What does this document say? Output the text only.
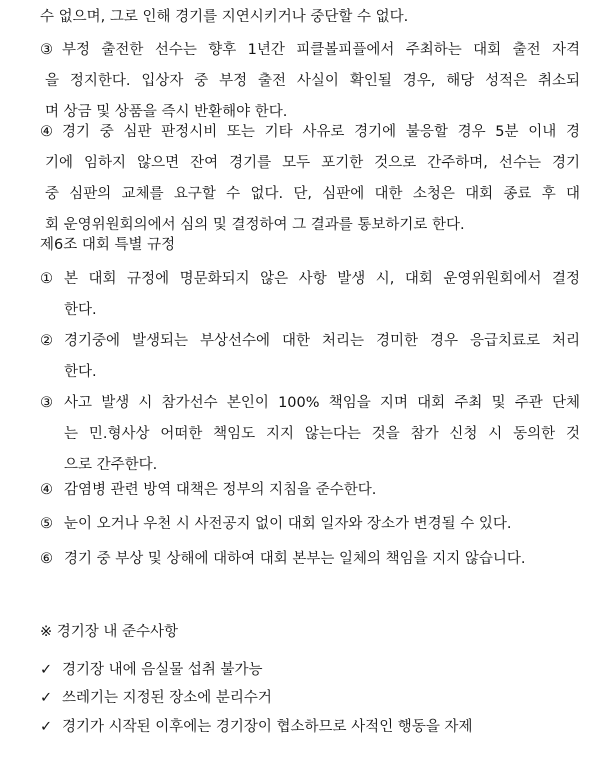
수 없으며, 그로 인해 경기를 지연시키거나 중단할 수 없다.
③ 부정 출전한 선수는 향후 1년간 피클볼피플에서 주최하는 대회 출전 자격
을 정지한다. 입상자 중 부정 출전 사실이 확인될 경우, 해당 성적은 취소되
며 상금 및 상품을 즉시 반환해야 한다.
④ 경기 중 심판 판정시비 또는 기타 사유로 경기에 불응할 경우 5분 이내 경
기에 임하지 않으면 잔여 경기를 모두 포기한 것으로 간주하며, 선수는 경기
중 심판의 교체를 요구할 수 없다. 단, 심판에 대한 소청은 대회 종료 후 대
회 운영위원회의에서 심의 및 결정하여 그 결과를 통보하기로 한다.
제6조 대회 특별 규정
① 본 대회 규정에 명문화되지 않은 사항 발생 시, 대회 운영위원회에서 결정
한다.
② 경기중에 발생되는 부상선수에 대한 처리는 경미한 경우 응급치료로 처리
한다.
③ 사고 발생 시 참가선수 본인이 100% 책임을 지며 대회 주최 및 주관 단체
는 민.형사상 어떠한 책임도 지지 않는다는 것을 참가 신청 시 동의한 것
으로 간주한다.
④ 감염병 관련 방역 대책은 정부의 지침을 준수한다.
⑤ 눈이 오거나 우천 시 사전공지 없이 대회 일자와 장소가 변경될 수 있다.
⑥ 경기 중 부상 및 상해에 대하여 대회 본부는 일체의 책임을 지지 않습니다.
※ 경기장 내 준수사항
✓ 경기장 내에 음실물 섭취 불가능
✓ 쓰레기는 지정된 장소에 분리수거
✓ 경기가 시작된 이후에는 경기장이 협소하므로 사적인 행동을 자제
